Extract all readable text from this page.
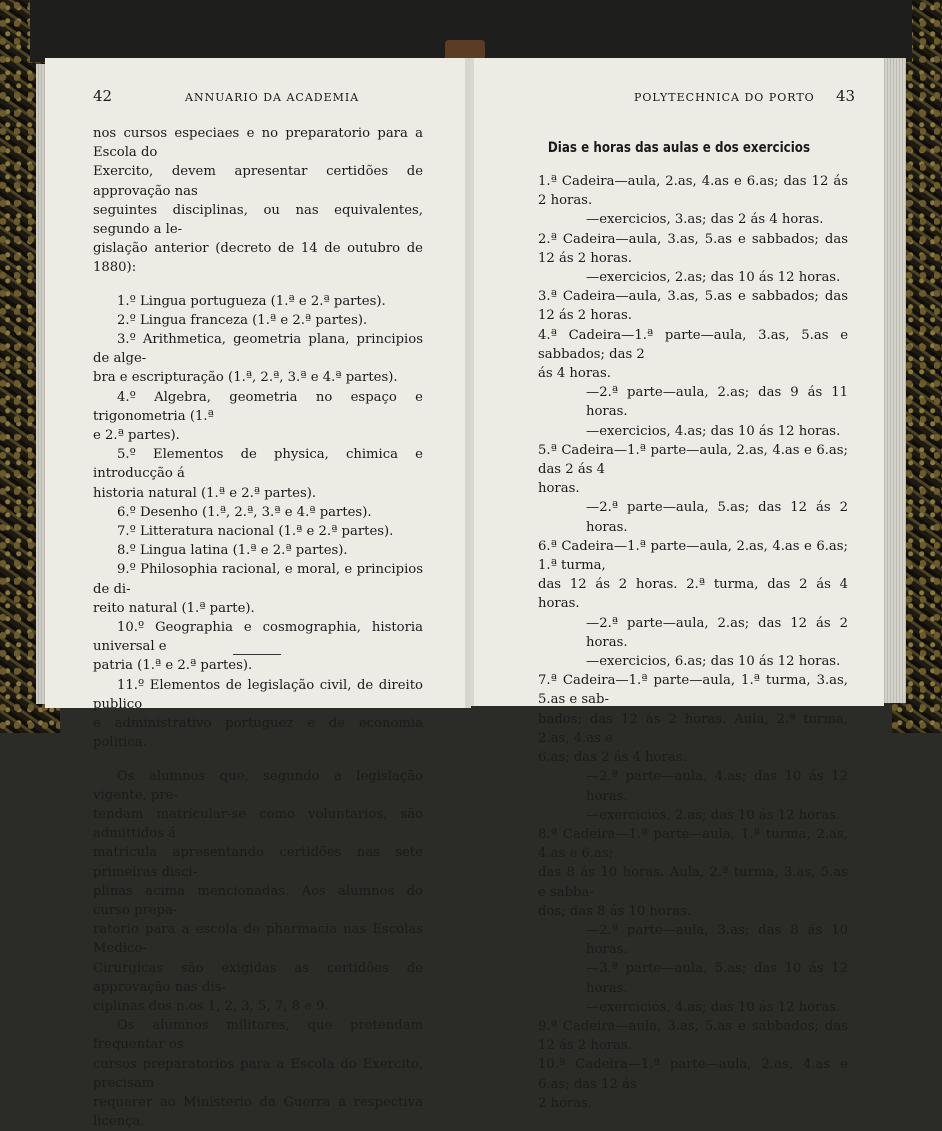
42	ANNUARIO DA ACADEMIA

nos cursos especiaes e no preparatorio para a Escola do

Exercito, devem apresentar certidões de approvação nas

seguintes disciplinas, ou nas equivalentes, segundo a le-

gislação anterior (decreto de 14 de outubro de 1880):

1.º Lingua portugueza (1.ª e 2.ª partes).

2.º Lingua franceza (1.ª e 2.ª partes).

3.º Arithmetica, geometria plana, principios de alge-

bra e escripturação (1.ª, 2.ª, 3.ª e 4.ª partes).

4.º Algebra, geometria no espaço e trigonometria (1.ª

e 2.ª partes).

5.º Elementos de physica, chimica e introducção á

historia natural (1.ª e 2.ª partes).

6.º Desenho (1.ª, 2.ª, 3.ª e 4.ª partes).

7.º Litteratura nacional (1.ª e 2.ª partes).

8.º Lingua latina (1.ª e 2.ª partes).

9.º Philosophia racional, e moral, e principios de di-

reito natural (1.ª parte).

10.º Geographia e cosmographia, historia universal e

patria (1.ª e 2.ª partes).

11.º Elementos de legislação civil, de direito publico

e administrativo portuguez e de economia politica.

Os alumnos que, segundo a legislação vigente, pre-

tendam matricular-se como voluntarios, são admittidos á

matricula apresentando certidões nas sete primeiras disci-

plinas acima mencionadas. Aos alumnos do curso prepa-

ratorio para a escola de pharmacia nas Escolas Medico-

Cirurgicas são exigidas as certidões de approvação nas dis-

ciplinas dos n.os 1, 2, 3, 5, 7, 8 e 9.

Os alumnos militares, que pretendam frequentar os

cursos preparatorios para a Escola do Exercito, precisam

requerer ao Ministerio da Guerra a respectiva licença.

POLYTECHNICA DO PORTO 43
Dias e horas das aulas e dos exercicios

1.ª Cadeira—aula, 2.as, 4.as e 6.as; das 12 ás 2 horas.

—exercicios, 3.as; das 2 ás 4 horas.

2.ª Cadeira—aula, 3.as, 5.as e sabbados; das 12 ás 2 horas.

—exercicios, 2.as; das 10 ás 12 horas.

3.ª Cadeira—aula, 3.as, 5.as e sabbados; das 12 ás 2 horas.

4.ª Cadeira—1.ª parte—aula, 3.as, 5.as e sabbados; das 2

ás 4 horas.

—2.ª parte—aula, 2.as; das 9 ás 11 horas.

—exercicios, 4.as; das 10 ás 12 horas.

5.ª Cadeira—1.ª parte—aula, 2.as, 4.as e 6.as; das 2 ás 4

horas.

—2.ª parte—aula, 5.as; das 12 ás 2 horas.

6.ª Cadeira—1.ª parte—aula, 2.as, 4.as e 6.as; 1.ª turma,

das 12 ás 2 horas. 2.ª turma, das 2 ás 4 horas.

—2.ª parte—aula, 2.as; das 12 ás 2 horas.

—exercicios, 6.as; das 10 ás 12 horas.

7.ª Cadeira—1.ª parte—aula, 1.ª turma, 3.as, 5.as e sab-

bados; das 12 ás 2 horas. Aula, 2.ª turma, 2.as, 4.as e

6.as; das 2 ás 4 horas.

—2.ª parte—aula, 4.as; das 10 ás 12 horas.

—exercicios, 2.as; das 10 ás 12 horas.

8.ª Cadeira—1.ª parte—aula, 1.ª turma, 2.as, 4.as e 6.as;

das 8 ás 10 horas. Aula, 2.ª turma, 3.as, 5.as e sabba-

dos; das 8 ás 10 horas.

—2.ª parte—aula, 3.as; das 8 ás 10 horas.

—3.ª parte—aula, 5.as; das 10 ás 12 horas.

—exercicios, 4.as; das 10 ás 12 horas.

9.ª Cadeira—aula, 3.as, 5.as e sabbados; das 12 ás 2 horas.

10.ª Cadeira—1.ª parte—aula, 2.as, 4.as e 6.as; das 12 ás

2 horas.
